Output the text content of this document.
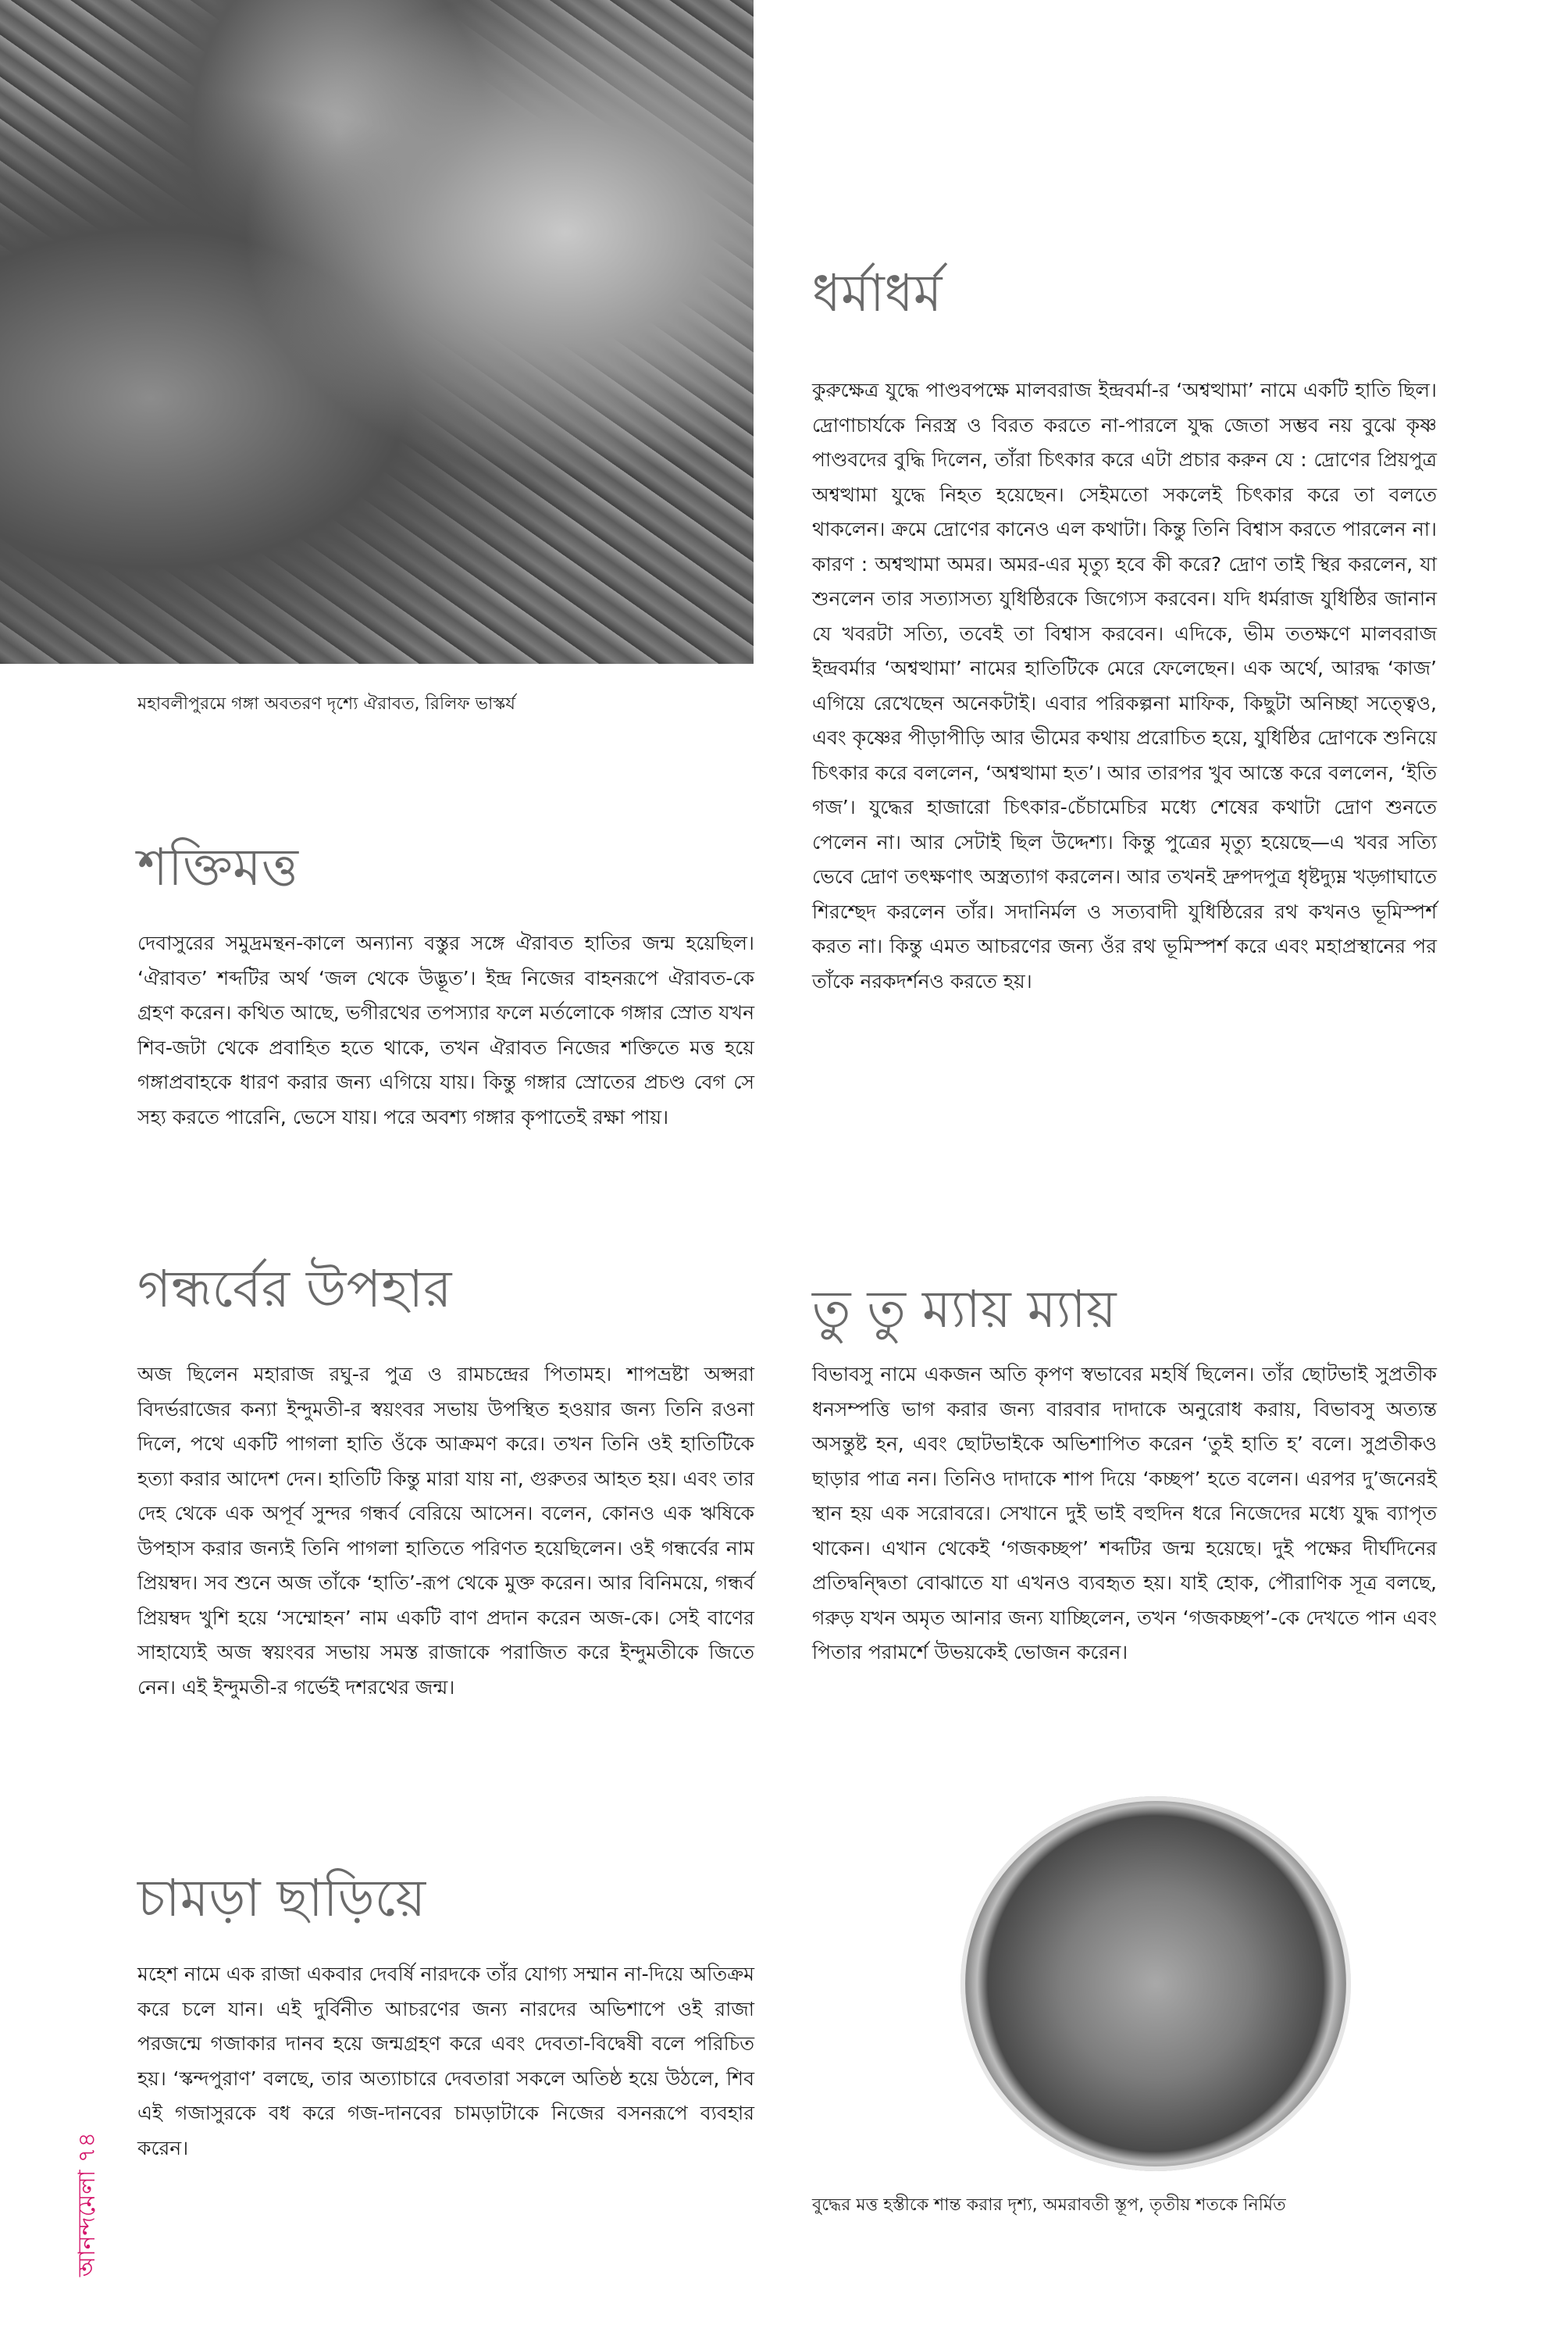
মহাবলীপুরমে গঙ্গা অবতরণ দৃশ্যে ঐরাবত, রিলিফ ভাস্কর্য
ধর্মাধর্ম

কুরুক্ষেত্র যুদ্ধে পাণ্ডবপক্ষে মালবরাজ ইন্দ্রবর্মা-র ‘অশ্বত্থামা’ নামে একটি হাতি ছিল। দ্রোণাচার্যকে নিরস্ত্র ও বিরত করতে না-পারলে যুদ্ধ জেতা সম্ভব নয় বুঝে কৃষ্ণ পাণ্ডবদের বুদ্ধি দিলেন, তাঁরা চিৎকার করে এটা প্রচার করুন যে : দ্রোণের প্রিয়পুত্র অশ্বত্থামা যুদ্ধে নিহত হয়েছেন। সেইমতো সকলেই চিৎকার করে তা বলতে থাকলেন। ক্রমে দ্রোণের কানেও এল কথাটা। কিন্তু তিনি বিশ্বাস করতে পারলেন না। কারণ : অশ্বত্থামা অমর। অমর-এর মৃত্যু হবে কী করে? দ্রোণ তাই স্থির করলেন, যা শুনলেন তার সত্যাসত্য যুধিষ্ঠিরকে জিগ্যেস করবেন। যদি ধর্মরাজ যুধিষ্ঠির জানান যে খবরটা সত্যি, তবেই তা বিশ্বাস করবেন। এদিকে, ভীম ততক্ষণে মালবরাজ ইন্দ্রবর্মার ‘অশ্বত্থামা’ নামের হাতিটিকে মেরে ফেলেছেন। এক অর্থে, আরদ্ধ ‘কাজ’ এগিয়ে রেখেছেন অনেকটাই। এবার পরিকল্পনা মাফিক, কিছুটা অনিচ্ছা সত্ত্বেও, এবং কৃষ্ণের পীড়াপীড়ি আর ভীমের কথায় প্ররোচিত হয়ে, যুধিষ্ঠির দ্রোণকে শুনিয়ে চিৎকার করে বললেন, ‘অশ্বত্থামা হত’। আর তারপর খুব আস্তে করে বললেন, ‘ইতি গজ’। যুদ্ধের হাজারো চিৎকার-চেঁচামেচির মধ্যে শেষের কথাটা দ্রোণ শুনতে পেলেন না। আর সেটাই ছিল উদ্দেশ্য। কিন্তু পুত্রের মৃত্যু হয়েছে—এ খবর সত্যি ভেবে দ্রোণ তৎক্ষণাৎ অস্ত্রত্যাগ করলেন। আর তখনই দ্রুপদপুত্র ধৃষ্টদ্যুম্ন খড়্গাঘাতে শিরশ্ছেদ করলেন তাঁর। সদানির্মল ও সত্যবাদী যুধিষ্ঠিরের রথ কখনও ভূমিস্পর্শ করত না। কিন্তু এমত আচরণের জন্য ওঁর রথ ভূমিস্পর্শ করে এবং মহাপ্রস্থানের পর তাঁকে নরকদর্শনও করতে হয়।

শক্তিমত্ত

দেবাসুরের সমুদ্রমন্থন-কালে অন্যান্য বস্তুর সঙ্গে ঐরাবত হাতির জন্ম হয়েছিল। ‘ঐরাবত’ শব্দটির অর্থ ‘জল থেকে উদ্ভূত’। ইন্দ্র নিজের বাহনরূপে ঐরাবত-কে গ্রহণ করেন। কথিত আছে, ভগীরথের তপস্যার ফলে মর্তলোকে গঙ্গার স্রোত যখন শিব-জটা থেকে প্রবাহিত হতে থাকে, তখন ঐরাবত নিজের শক্তিতে মত্ত হয়ে গঙ্গাপ্রবাহকে ধারণ করার জন্য এগিয়ে যায়। কিন্তু গঙ্গার স্রোতের প্রচণ্ড বেগ সে সহ্য করতে পারেনি, ভেসে যায়। পরে অবশ্য গঙ্গার কৃপাতেই রক্ষা পায়।

গন্ধর্বের উপহার

অজ ছিলেন মহারাজ রঘু-র পুত্র ও রামচন্দ্রের পিতামহ। শাপভ্রষ্টা অপ্সরা বিদর্ভরাজের কন্যা ইন্দুমতী-র স্বয়ংবর সভায় উপস্থিত হওয়ার জন্য তিনি রওনা দিলে, পথে একটি পাগলা হাতি ওঁকে আক্রমণ করে। তখন তিনি ওই হাতিটিকে হত্যা করার আদেশ দেন। হাতিটি কিন্তু মারা যায় না, গুরুতর আহত হয়। এবং তার দেহ থেকে এক অপূর্ব সুন্দর গন্ধর্ব বেরিয়ে আসেন। বলেন, কোনও এক ঋষিকে উপহাস করার জন্যই তিনি পাগলা হাতিতে পরিণত হয়েছিলেন। ওই গন্ধর্বের নাম প্রিয়ম্বদ। সব শুনে অজ তাঁকে ‘হাতি’-রূপ থেকে মুক্ত করেন। আর বিনিময়ে, গন্ধর্ব প্রিয়ম্বদ খুশি হয়ে ‘সম্মোহন’ নাম একটি বাণ প্রদান করেন অজ-কে। সেই বাণের সাহায্যেই অজ স্বয়ংবর সভায় সমস্ত রাজাকে পরাজিত করে ইন্দুমতীকে জিতে নেন। এই ইন্দুমতী-র গর্ভেই দশরথের জন্ম।

তু তু ম্যায় ম্যায়

বিভাবসু নামে একজন অতি কৃপণ স্বভাবের মহর্ষি ছিলেন। তাঁর ছোটভাই সুপ্রতীক ধনসম্পত্তি ভাগ করার জন্য বারবার দাদাকে অনুরোধ করায়, বিভাবসু অত্যন্ত অসন্তুষ্ট হন, এবং ছোটভাইকে অভিশাপিত করেন ‘তুই হাতি হ’ বলে। সুপ্রতীকও ছাড়ার পাত্র নন। তিনিও দাদাকে শাপ দিয়ে ‘কচ্ছপ’ হতে বলেন। এরপর দু’জনেরই স্থান হয় এক সরোবরে। সেখানে দুই ভাই বহুদিন ধরে নিজেদের মধ্যে যুদ্ধ ব্যাপৃত থাকেন। এখান থেকেই ‘গজকচ্ছপ’ শব্দটির জন্ম হয়েছে। দুই পক্ষের দীর্ঘদিনের প্রতিদ্বন্দ্বিতা বোঝাতে যা এখনও ব্যবহৃত হয়। যাই হোক, পৌরাণিক সূত্র বলছে, গরুড় যখন অমৃত আনার জন্য যাচ্ছিলেন, তখন ‘গজকচ্ছপ’-কে দেখতে পান এবং পিতার পরামর্শে উভয়কেই ভোজন করেন।

চামড়া ছাড়িয়ে

মহেশ নামে এক রাজা একবার দেবর্ষি নারদকে তাঁর যোগ্য সম্মান না-দিয়ে অতিক্রম করে চলে যান। এই দুর্বিনীত আচরণের জন্য নারদের অভিশাপে ওই রাজা পরজন্মে গজাকার দানব হয়ে জন্মগ্রহণ করে এবং দেবতা-বিদ্বেষী বলে পরিচিত হয়। ‘স্কন্দপুরাণ’ বলছে, তার অত্যাচারে দেবতারা সকলে অতিষ্ঠ হয়ে উঠলে, শিব এই গজাসুরকে বধ করে গজ-দানবের চামড়াটাকে নিজের বসনরূপে ব্যবহার করেন।

বুদ্ধের মত্ত হস্তীকে শান্ত করার দৃশ্য, অমরাবতী স্তূপ, তৃতীয় শতকে নির্মিত
আনন্দমেলা ৭৪
